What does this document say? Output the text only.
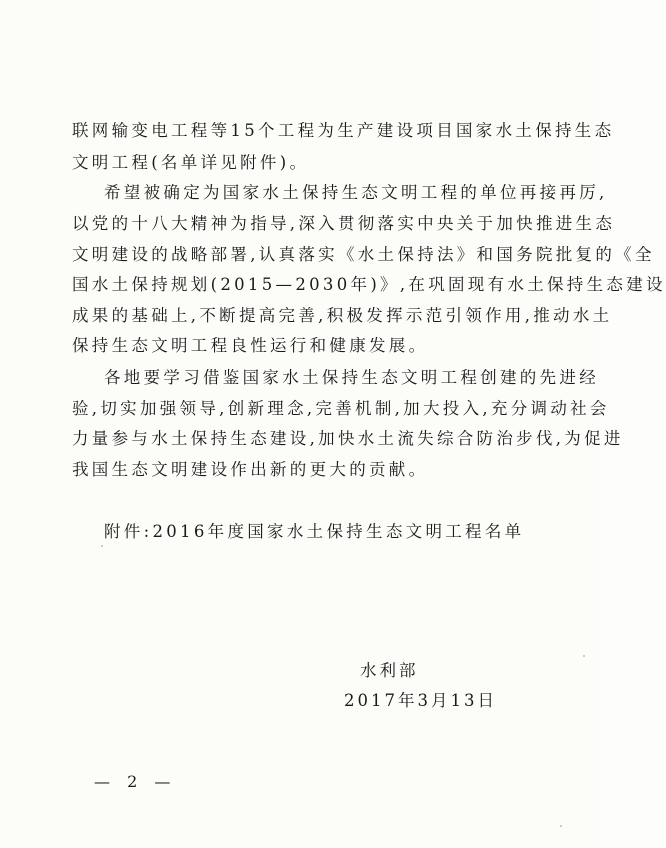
联网输变电工程等15个工程为生产建设项目国家水土保持生态
文明工程(名单详见附件)。
希望被确定为国家水土保持生态文明工程的单位再接再厉,
以党的十八大精神为指导,深入贯彻落实中央关于加快推进生态
文明建设的战略部署,认真落实《水土保持法》和国务院批复的《全
国水土保持规划(2015—2030年)》,在巩固现有水土保持生态建设
成果的基础上,不断提高完善,积极发挥示范引领作用,推动水土
保持生态文明工程良性运行和健康发展。
各地要学习借鉴国家水土保持生态文明工程创建的先进经
验,切实加强领导,创新理念,完善机制,加大投入,充分调动社会
力量参与水土保持生态建设,加快水土流失综合防治步伐,为促进
我国生态文明建设作出新的更大的贡献。
附件:2016年度国家水土保持生态文明工程名单
水利部
2017年3月13日
— 2 —
